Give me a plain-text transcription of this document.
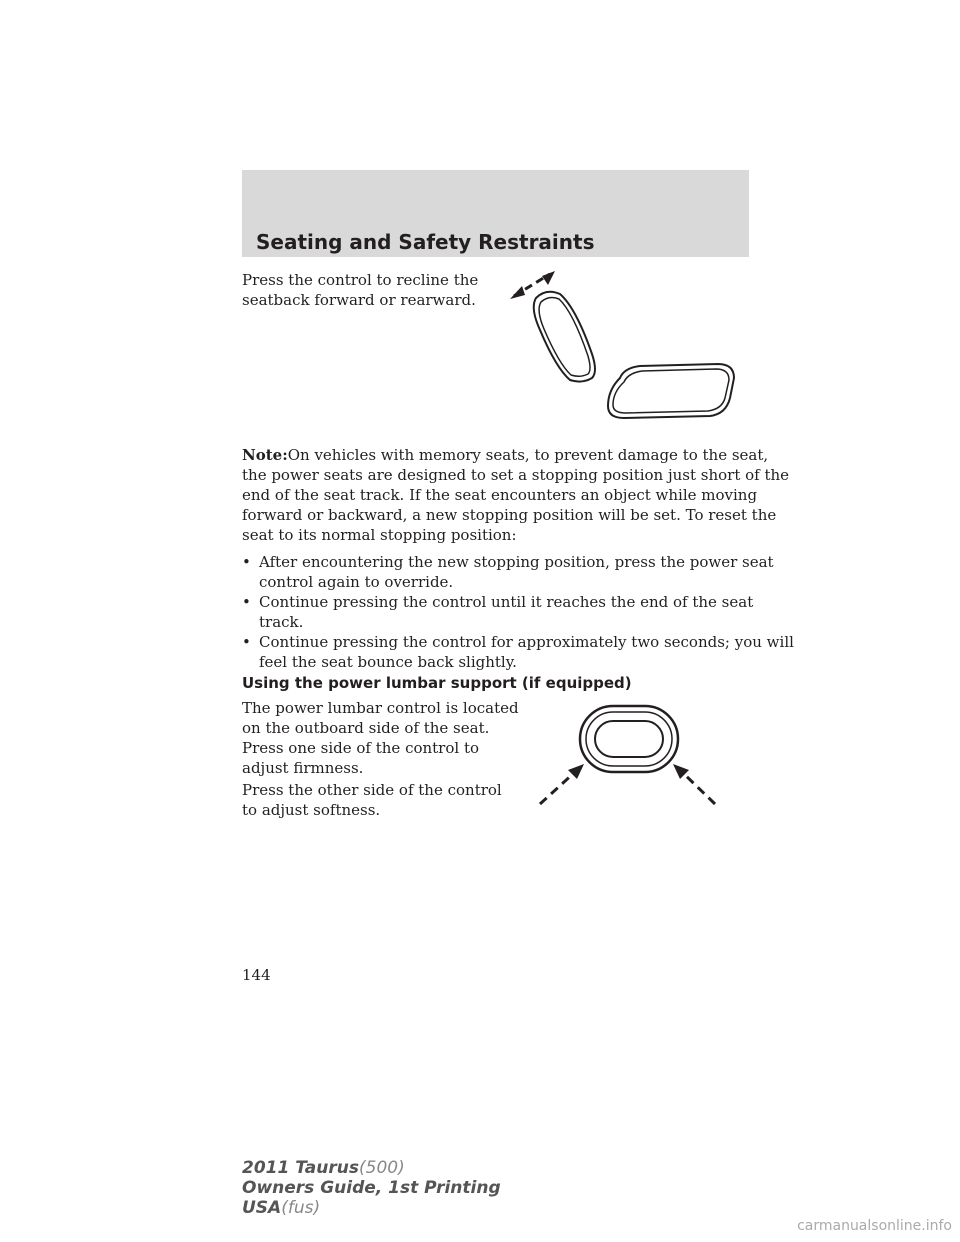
Seating and Safety Restraints
Press the control to recline the
seatback forward or rearward.
Note:On vehicles with memory seats, to prevent damage to the seat,
the power seats are designed to set a stopping position just short of the
end of the seat track. If the seat encounters an object while moving
forward or backward, a new stopping position will be set. To reset the
seat to its normal stopping position:
• After encountering the new stopping position, press the power seat
control again to override.
• Continue pressing the control until it reaches the end of the seat
track.
• Continue pressing the control for approximately two seconds; you will
feel the seat bounce back slightly.
Using the power lumbar support (if equipped)
The power lumbar control is located
on the outboard side of the seat.
Press one side of the control to
adjust firmness.
Press the other side of the control
to adjust softness.
144
2011 Taurus(500)
Owners Guide, 1st Printing
USA(fus)
carmanualsonline.info
